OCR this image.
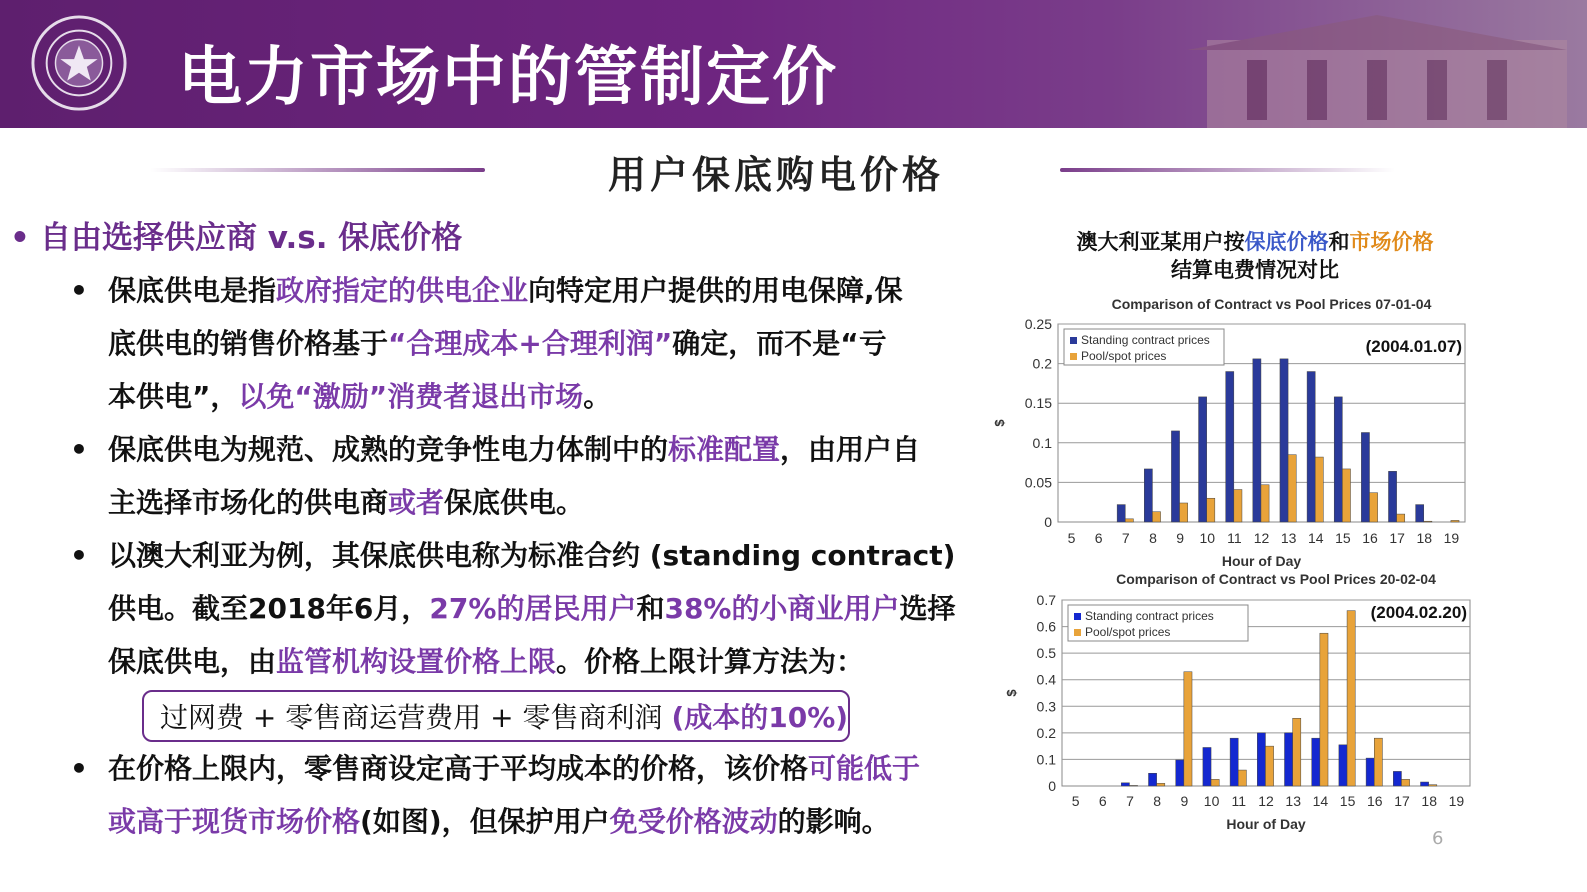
电力市场中的管制定价
用户保底购电价格
• 自由选择供应商 v.s. 保底价格
• 保底供电是指政府指定的供电企业向特定用户提供的用电保障,保
底供电的销售价格基于“合理成本+合理利润”确定，而不是“亏
本供电”，以免“激励”消费者退出市场。
• 保底供电为规范、成熟的竞争性电力体制中的标准配置，由用户自
主选择市场化的供电商或者保底供电。
• 以澳大利亚为例，其保底供电称为标准合约 (standing contract)
供电。截至2018年6月，27%的居民用户和38%的小商业用户选择
保底供电，由监管机构设置价格上限。价格上限计算方法为：
过网费 + 零售商运营费用 + 零售商利润 (成本的10%)
• 在价格上限内，零售商设定高于平均成本的价格，该价格可能低于
或高于现货市场价格(如图)，但保护用户免受价格波动的影响。
澳大利亚某用户按保底价格和市场价格
结算电费情况对比
0
0.05
0.1
0.15
0.2
0.25
5 6 7 8 9 10 11 12 13 14 15 16 17 18 19
Hour of Day
$
Comparison of Contract vs Pool Prices 07-01-04
(2004.01.07)
Standing contract prices
Pool/spot prices
0
0.1
0.2
0.3
0.4
0.5
0.6
0.7
5 6 7 8 9 10 11 12 13 14 15 16 17 18 19
Hour of Day
$
Comparison of Contract vs Pool Prices 20-02-04
(2004.02.20)
Standing contract prices
Pool/spot prices
6
